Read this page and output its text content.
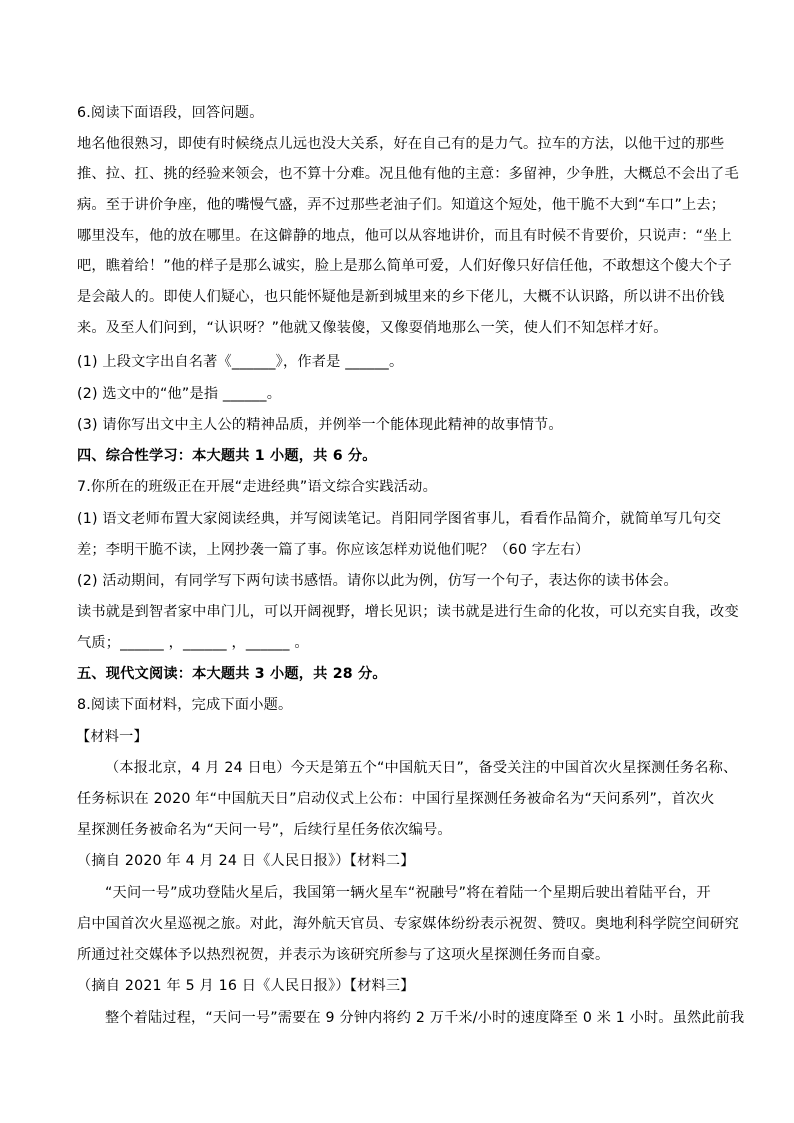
6.阅读下面语段，回答问题。
地名他很熟习，即使有时候绕点儿远也没大关系，好在自己有的是力气。拉车的方法，以他干过的那些
推、拉、扛、挑的经验来领会，也不算十分难。况且他有他的主意：多留神，少争胜，大概总不会出了毛
病。至于讲价争座，他的嘴慢气盛，弄不过那些老油子们。知道这个短处，他干脆不大到“车口”上去；
哪里没车，他的放在哪里。在这僻静的地点，他可以从容地讲价，而且有时候不肯要价，只说声：“坐上
吧，瞧着给！”他的样子是那么诚实，脸上是那么简单可爱，人们好像只好信任他，不敢想这个傻大个子
是会敲人的。即使人们疑心，也只能怀疑他是新到城里来的乡下佬儿，大概不认识路，所以讲不出价钱
来。及至人们问到，“认识呀？”他就又像装傻，又像耍俏地那么一笑，使人们不知怎样才好。
(1) 上段文字出自名著《______》，作者是 ______。
(2) 选文中的“他”是指 ______。
(3) 请你写出文中主人公的精神品质，并例举一个能体现此精神的故事情节。
四、综合性学习：本大题共 1 小题，共 6 分。
7.你所在的班级正在开展“走进经典”语文综合实践活动。
(1) 语文老师布置大家阅读经典，并写阅读笔记。肖阳同学图省事儿，看看作品简介，就简单写几句交
差；李明干脆不读，上网抄袭一篇了事。你应该怎样劝说他们呢？（60 字左右）
(2) 活动期间，有同学写下两句读书感悟。请你以此为例，仿写一个句子，表达你的读书体会。
读书就是到智者家中串门儿，可以开阔视野，增长见识；读书就是进行生命的化妆，可以充实自我，改变
气质；______ ，______ ，______ 。
五、现代文阅读：本大题共 3 小题，共 28 分。
8.阅读下面材料，完成下面小题。
【材料一】
（本报北京，4 月 24 日电）今天是第五个“中国航天日”，备受关注的中国首次火星探测任务名称、
任务标识在 2020 年“中国航天日”启动仪式上公布：中国行星探测任务被命名为“天问系列”，首次火
星探测任务被命名为“天问一号”，后续行星任务依次编号。
（摘自 2020 年 4 月 24 日《人民日报》）【材料二】
“天问一号”成功登陆火星后，我国第一辆火星车“祝融号”将在着陆一个星期后驶出着陆平台，开
启中国首次火星巡视之旅。对此，海外航天官员、专家媒体纷纷表示祝贺、赞叹。奥地利科学院空间研究
所通过社交媒体予以热烈祝贺，并表示为该研究所参与了这项火星探测任务而自豪。
（摘自 2021 年 5 月 16 日《人民日报》）【材料三】
整个着陆过程，“天问一号”需要在 9 分钟内将约 2 万千米/小时的速度降至 0 米 1 小时。虽然此前我
